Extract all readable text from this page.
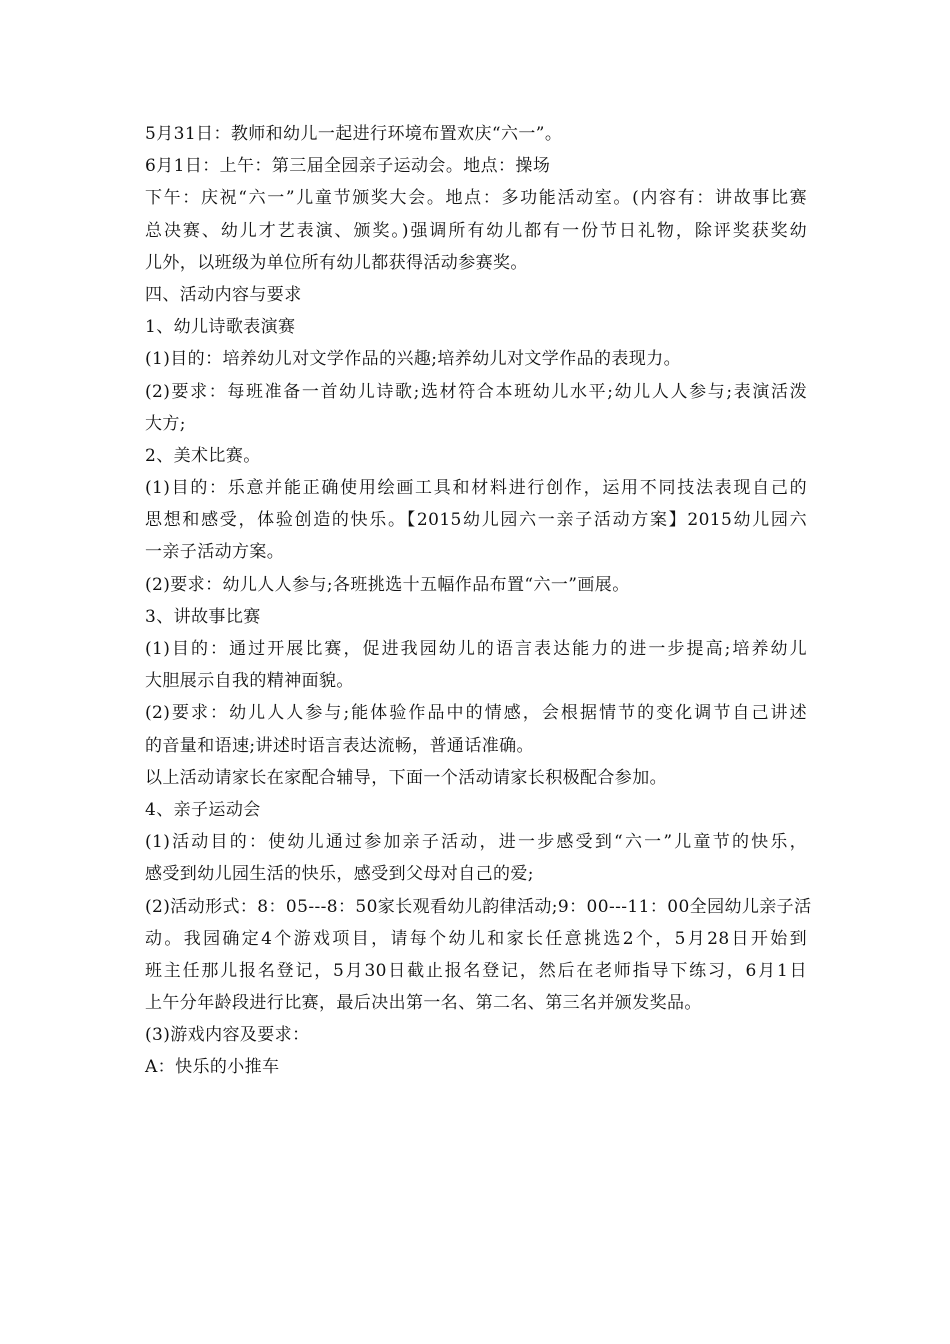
5月31日：教师和幼儿一起进行环境布置欢庆“六一”。
6月1日：上午：第三届全园亲子运动会。地点：操场
下午：庆祝“六一”儿童节颁奖大会。地点：多功能活动室。(内容有：讲故事比赛
总决赛、幼儿才艺表演、颁奖。)强调所有幼儿都有一份节日礼物，除评奖获奖幼
儿外，以班级为单位所有幼儿都获得活动参赛奖。
四、活动内容与要求
1、幼儿诗歌表演赛
(1)目的：培养幼儿对文学作品的兴趣;培养幼儿对文学作品的表现力。
(2)要求：每班准备一首幼儿诗歌;选材符合本班幼儿水平;幼儿人人参与;表演活泼
大方;
2、美术比赛。
(1)目的：乐意并能正确使用绘画工具和材料进行创作，运用不同技法表现自己的
思想和感受，体验创造的快乐。【2015幼儿园六一亲子活动方案】2015幼儿园六
一亲子活动方案。
(2)要求：幼儿人人参与;各班挑选十五幅作品布置“六一”画展。
3、讲故事比赛
(1)目的：通过开展比赛，促进我园幼儿的语言表达能力的进一步提高;培养幼儿
大胆展示自我的精神面貌。
(2)要求：幼儿人人参与;能体验作品中的情感，会根据情节的变化调节自己讲述
的音量和语速;讲述时语言表达流畅，普通话准确。
以上活动请家长在家配合辅导，下面一个活动请家长积极配合参加。
4、亲子运动会
(1)活动目的：使幼儿通过参加亲子活动，进一步感受到“六一”儿童节的快乐，
感受到幼儿园生活的快乐，感受到父母对自己的爱;
(2)活动形式：8：05---8：50家长观看幼儿韵律活动;9：00---11：00全园幼儿亲子活
动。我园确定4个游戏项目，请每个幼儿和家长任意挑选2个，5月28日开始到
班主任那儿报名登记，5月30日截止报名登记，然后在老师指导下练习，6月1日
上午分年龄段进行比赛，最后决出第一名、第二名、第三名并颁发奖品。
(3)游戏内容及要求：
A：快乐的小推车
